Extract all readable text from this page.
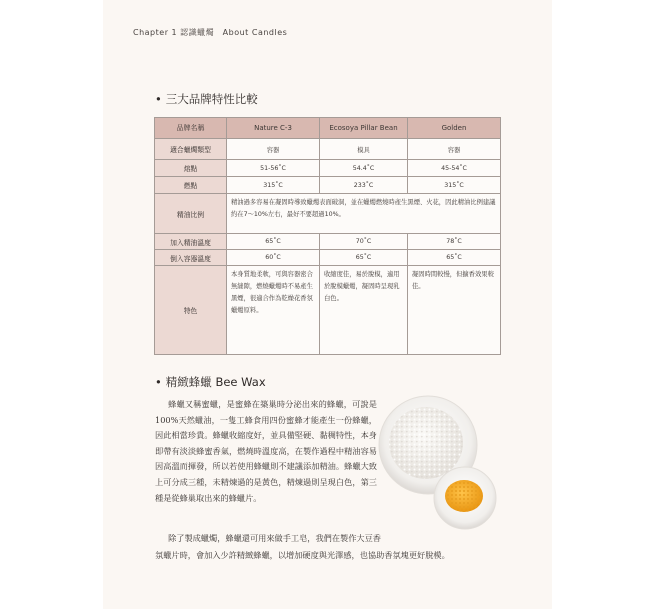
Chapter 1 認識蠟燭　About Candles
• 三大品牌特性比較
品牌名稱	Nature C-3	Ecosoya Pillar Bean	Golden
適合蠟燭類型	容器	模具	容器
熔點	51-56˚C	54.4˚C	45-54˚C
燃點	315˚C	233˚C	315˚C
精油比例	精油過多容易在凝固時導致蠟燭表面破洞，並在蠟燭燃燒時產生黑煙、火花，因此精油比例建議約在7～10%左右，最好不要超過10%。		
加入精油溫度	65˚C	70˚C	78˚C
倒入容器溫度	60˚C	65˚C	65˚C
特色	本身質地柔軟，可與容器密合無縫隙，燃燒蠟燭時不易產生黑煙，很適合作為乾燥花香氛蠟燭原料。	收縮度佳，易於脫模，適用於脫模蠟燭，凝固時呈現乳白色。	凝固時間較慢，但擴香效果較佳。
• 精緻蜂蠟 Bee Wax

蜂蠟又稱蜜蠟，是蜜蜂在築巢時分泌出來的蜂蠟，可說是100%天然蠟油，一隻工蜂食用四份蜜蜂才能產生一份蜂蠟，因此相當珍貴。蜂蠟收縮度好，並具備堅硬、黏稠特性，本身即帶有淡淡蜂蜜香氣，燃燒時溫度高，在製作過程中精油容易因高溫而揮發，所以若使用蜂蠟則不建議添加精油。蜂蠟大致上可分成三種，未精煉過的是黃色，精煉過則呈現白色，第三種是從蜂巢取出來的蜂蠟片。

除了製成蠟燭，蜂蠟還可用來做手工皂，我們在製作大豆香

氛蠟片時，會加入少許精緻蜂蠟，以增加硬度與光澤感，也協助香氛塊更好脫模。
